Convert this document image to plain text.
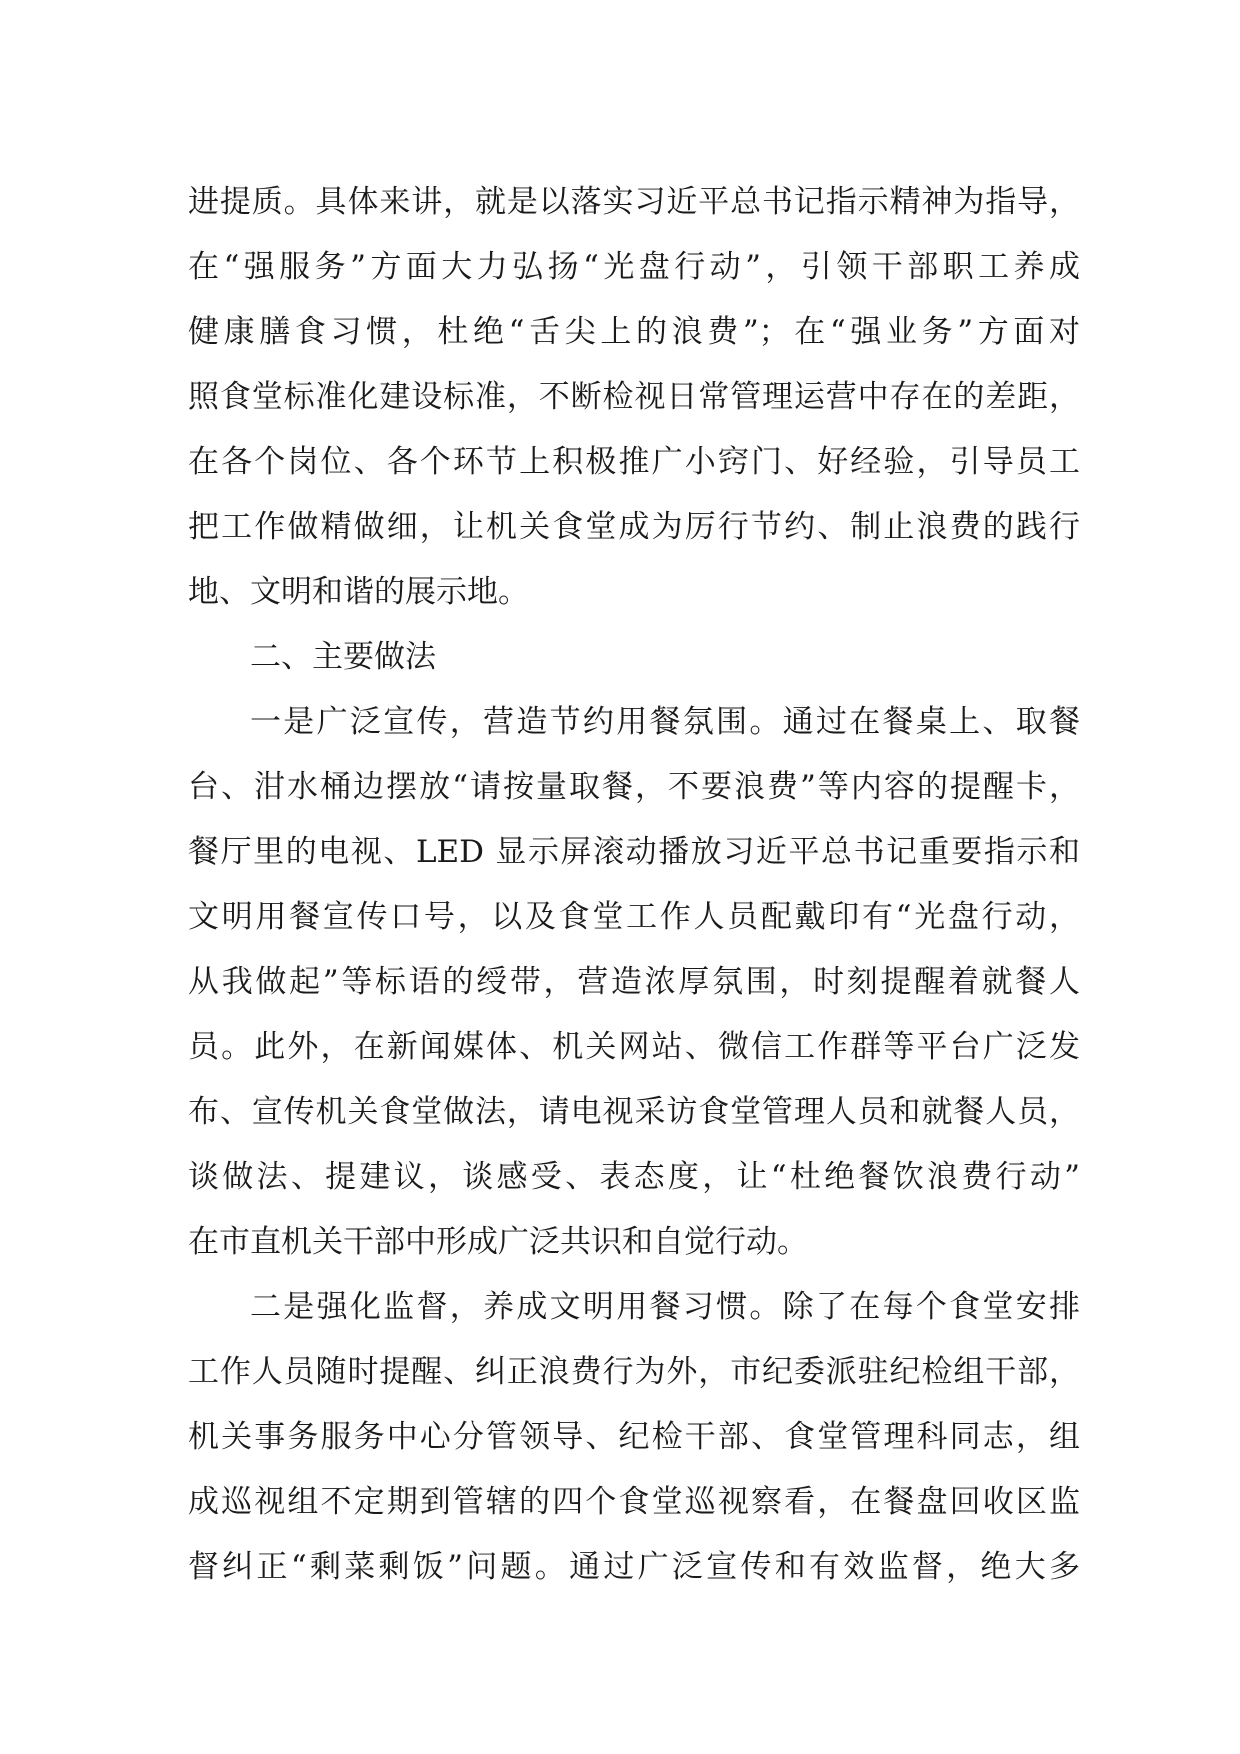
进提质。具体来讲，就是以落实习近平总书记指示精神为指导，
在“强服务”方面大力弘扬“光盘行动”，引领干部职工养成
健康膳食习惯，杜绝“舌尖上的浪费”；在“强业务”方面对
照食堂标准化建设标准，不断检视日常管理运营中存在的差距，
在各个岗位、各个环节上积极推广小窍门、好经验，引导员工
把工作做精做细，让机关食堂成为厉行节约、制止浪费的践行
地、文明和谐的展示地。
二、主要做法
一是广泛宣传，营造节约用餐氛围。通过在餐桌上、取餐
台、泔水桶边摆放“请按量取餐，不要浪费”等内容的提醒卡，
餐厅里的电视、LED 显示屏滚动播放习近平总书记重要指示和
文明用餐宣传口号，以及食堂工作人员配戴印有“光盘行动，
从我做起”等标语的绶带，营造浓厚氛围，时刻提醒着就餐人
员。此外，在新闻媒体、机关网站、微信工作群等平台广泛发
布、宣传机关食堂做法，请电视采访食堂管理人员和就餐人员，
谈做法、提建议，谈感受、表态度，让“杜绝餐饮浪费行动”
在市直机关干部中形成广泛共识和自觉行动。
二是强化监督，养成文明用餐习惯。除了在每个食堂安排
工作人员随时提醒、纠正浪费行为外，市纪委派驻纪检组干部，
机关事务服务中心分管领导、纪检干部、食堂管理科同志，组
成巡视组不定期到管辖的四个食堂巡视察看，在餐盘回收区监
督纠正“剩菜剩饭”问题。通过广泛宣传和有效监督，绝大多
